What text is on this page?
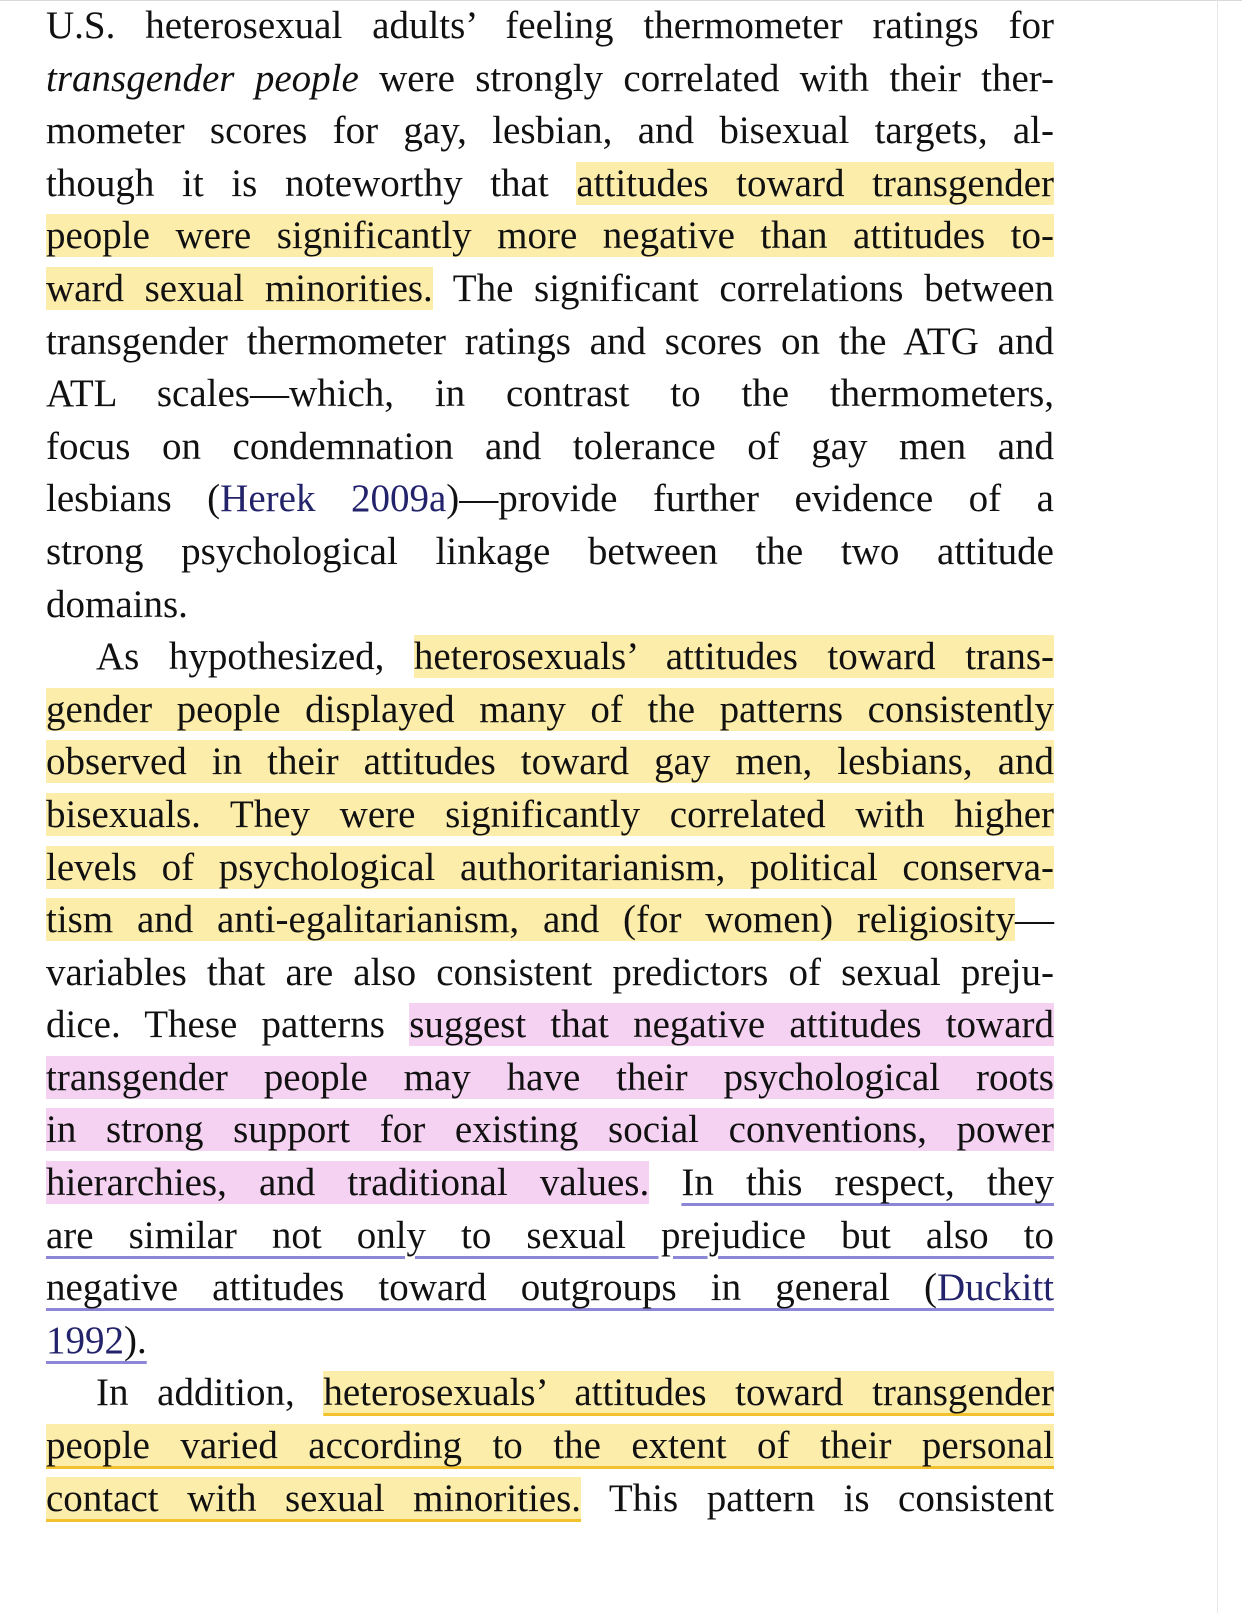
U.S. heterosexual adults’ feeling thermometer ratings for
transgender people were strongly correlated with their ther-
mometer scores for gay, lesbian, and bisexual targets, al-
though it is noteworthy that attitudes toward transgender
people were significantly more negative than attitudes to-
ward sexual minorities. The significant correlations between
transgender thermometer ratings and scores on the ATG and
ATL scales—which, in contrast to the thermometers,
focus on condemnation and tolerance of gay men and
lesbians (Herek 2009a)—provide further evidence of a
strong psychological linkage between the two attitude
domains.

As hypothesized, heterosexuals’ attitudes toward trans-
gender people displayed many of the patterns consistently
observed in their attitudes toward gay men, lesbians, and
bisexuals. They were significantly correlated with higher
levels of psychological authoritarianism, political conserva-
tism and anti-egalitarianism, and (for women) religiosity—
variables that are also consistent predictors of sexual preju-
dice. These patterns suggest that negative attitudes toward
transgender people may have their psychological roots
in strong support for existing social conventions, power
hierarchies, and traditional values. In this respect, they
are similar not only to sexual prejudice but also to
negative attitudes toward outgroups in general (Duckitt
1992).

In addition, heterosexuals’ attitudes toward transgender
people varied according to the extent of their personal
contact with sexual minorities. This pattern is consistent
